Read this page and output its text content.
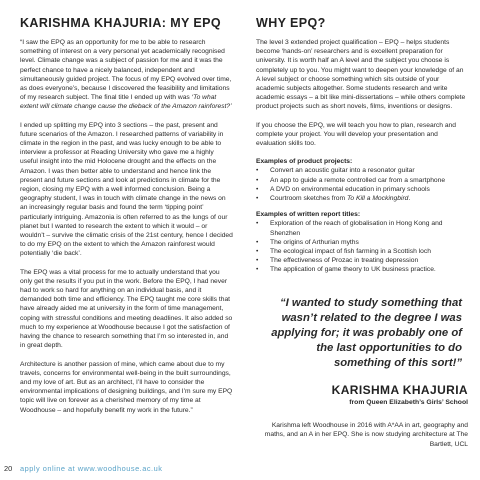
KARISHMA KHAJURIA: MY EPQ

“I saw the EPQ as an opportunity for me to be able to research something of interest on a very personal yet academically recognised level. Climate change was a subject of passion for me and it was the perfect chance to have a nicely balanced, independent and simultaneously guided project. The focus of my EPQ evolved over time, as does everyone’s, because I discovered the feasibility and limitations of my research subject. The final title I ended up with was ‘To what extent will climate change cause the dieback of the Amazon rainforest?’

I ended up splitting my EPQ into 3 sections – the past, present and future scenarios of the Amazon. I researched patterns of variability in climate in the region in the past, and was lucky enough to be able to interview a professor at Reading University who gave me a highly useful insight into the mid Holocene drought and the effects on the Amazon. I was then better able to understand and hence link the present and future sections and look at predictions in climate for the region, closing my EPQ with a well informed conclusion. Being a geography student, I was in touch with climate change in the news on an increasingly regular basis and found the term ‘tipping point’ particularly intriguing. Amazonia is often referred to as the lungs of our planet but I wanted to research the extent to which it would – or wouldn’t – survive the climatic crisis of the 21st century, hence I decided to do my EPQ on the extent to which the Amazon rainforest would potentially ‘die back’.

The EPQ was a vital process for me to actually understand that you only get the results if you put in the work. Before the EPQ, I had never had to work so hard for anything on an individual basis, and it demanded both time and efficiency. The EPQ taught me core skills that have already aided me at university in the form of time management, coping with stressful conditions and meeting deadlines. It also added so much to my experience at Woodhouse because I got the satisfaction of having the chance to research something that I’m so interested in, and in great depth.

Architecture is another passion of mine, which came about due to my travels, concerns for environmental well-being in the built surroundings, and my love of art. But as an architect, I’ll have to consider the environmental implications of designing buildings, and I’m sure my EPQ topic will live on forever as a cherished memory of my time at Woodhouse – and hopefully benefit my work in the future.”

WHY EPQ?

The level 3 extended project qualification – EPQ – helps students become ‘hands-on’ researchers and is excellent preparation for university. It is worth half an A level and the subject you choose is completely up to you. You might want to deepen your knowledge of an A level subject or choose something which sits outside of your academic subjects altogether. Some students research and write academic essays – a bit like mini-dissertations – while others complete product projects such as short novels, films, inventions or designs.

If you choose the EPQ, we will teach you how to plan, research and complete your project. You will develop your presentation and evaluation skills too.

Examples of product projects:
• Convert an acoustic guitar into a resonator guitar
• An app to guide a remote controlled car from a smartphone
• A DVD on environmental education in primary schools
• Courtroom sketches from To Kill a Mockingbird.
Examples of written report titles:
• Exploration of the reach of globalisation in Hong Kong and Shenzhen
• The origins of Arthurian myths
• The ecological impact of fish farming in a Scottish loch
• The effectiveness of Prozac in treating depression
• The application of game theory to UK business practice.
“I wanted to study something that wasn’t related to the degree I was applying for; it was probably one of the last opportunities to do something of this sort!”
KARISHMA KHAJURIA
from Queen Elizabeth’s Girls’ School

Karishma left Woodhouse in 2016 with A*AA in art, geography and maths, and an A in her EPQ. She is now studying architecture at The Bartlett, UCL

20 apply online at www.woodhouse.ac.uk
